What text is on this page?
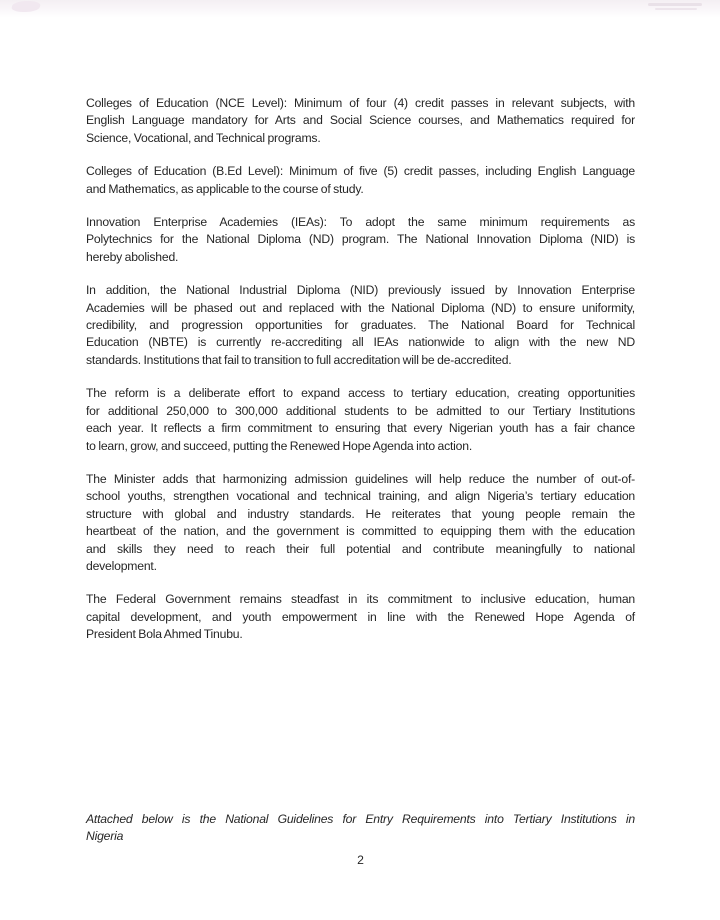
Colleges of Education (NCE Level): Minimum of four (4) credit passes in relevant subjects, with
English Language mandatory for Arts and Social Science courses, and Mathematics required for
Science, Vocational, and Technical programs.
Colleges of Education (B.Ed Level): Minimum of five (5) credit passes, including English Language
and Mathematics, as applicable to the course of study.
Innovation Enterprise Academies (IEAs): To adopt the same minimum requirements as
Polytechnics for the National Diploma (ND) program. The National Innovation Diploma (NID) is
hereby abolished.
In addition, the National Industrial Diploma (NID) previously issued by Innovation Enterprise
Academies will be phased out and replaced with the National Diploma (ND) to ensure uniformity,
credibility, and progression opportunities for graduates. The National Board for Technical
Education (NBTE) is currently re-accrediting all IEAs nationwide to align with the new ND
standards. Institutions that fail to transition to full accreditation will be de-accredited.
The reform is a deliberate effort to expand access to tertiary education, creating opportunities
for additional 250,000 to 300,000 additional students to be admitted to our Tertiary Institutions
each year. It reflects a firm commitment to ensuring that every Nigerian youth has a fair chance
to learn, grow, and succeed, putting the Renewed Hope Agenda into action.
The Minister adds that harmonizing admission guidelines will help reduce the number of out-of-
school youths, strengthen vocational and technical training, and align Nigeria’s tertiary education
structure with global and industry standards. He reiterates that young people remain the
heartbeat of the nation, and the government is committed to equipping them with the education
and skills they need to reach their full potential and contribute meaningfully to national
development.
The Federal Government remains steadfast in its commitment to inclusive education, human
capital development, and youth empowerment in line with the Renewed Hope Agenda of
President Bola Ahmed Tinubu.
Attached below is the National Guidelines for Entry Requirements into Tertiary Institutions in
Nigeria
2
